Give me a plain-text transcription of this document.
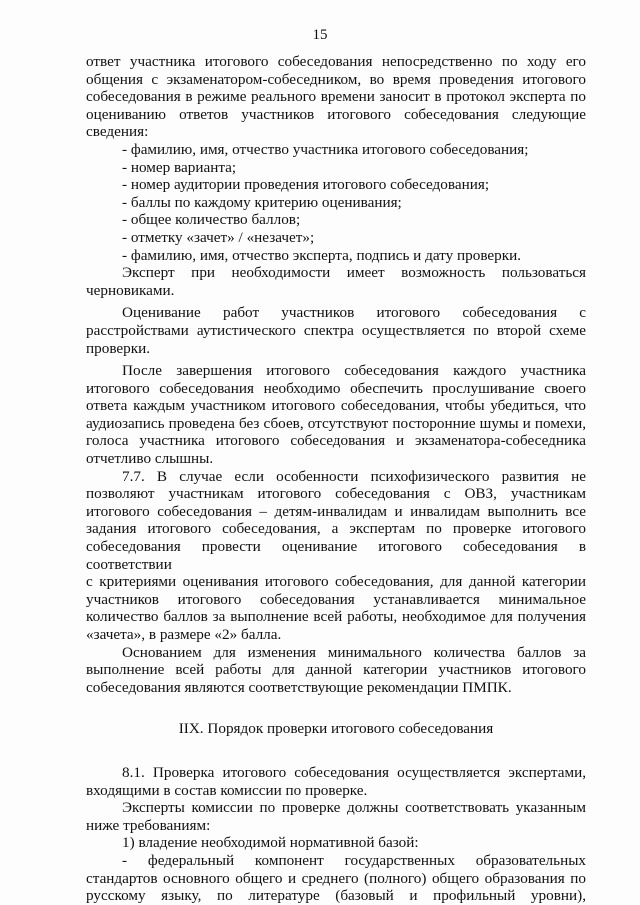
15

ответ участника итогового собеседования непосредственно по ходу его

общения с экзаменатором-собеседником, во время проведения итогового

собеседования в режиме реального времени заносит в протокол эксперта по

оцениванию ответов участников итогового собеседования следующие

сведения:

- фамилию, имя, отчество участника итогового собеседования;

- номер варианта;

- номер аудитории проведения итогового собеседования;

- баллы по каждому критерию оценивания;

- общее количество баллов;

- отметку «зачет» / «незачет»;

- фамилию, имя, отчество эксперта, подпись и дату проверки.

Эксперт при необходимости имеет возможность пользоваться

черновиками.

Оценивание работ участников итогового собеседования с

расстройствами аутистического спектра осуществляется по второй схеме

проверки.

После завершения итогового собеседования каждого участника

итогового собеседования необходимо обеспечить прослушивание своего

ответа каждым участником итогового собеседования, чтобы убедиться, что

аудиозапись проведена без сбоев, отсутствуют посторонние шумы и помехи,

голоса участника итогового собеседования и экзаменатора-собеседника

отчетливо слышны.

7.7. В случае если особенности психофизического развития не

позволяют участникам итогового собеседования с ОВЗ, участникам

итогового собеседования – детям-инвалидам и инвалидам выполнить все

задания итогового собеседования, а экспертам по проверке итогового

собеседования провести оценивание итогового собеседования в соответствии

с критериями оценивания итогового собеседования, для данной категории

участников итогового собеседования устанавливается минимальное

количество баллов за выполнение всей работы, необходимое для получения

«зачета», в размере «2» балла.

Основанием для изменения минимального количества баллов за

выполнение всей работы для данной категории участников итогового

собеседования являются соответствующие рекомендации ПМПК.

IIX. Порядок проверки итогового собеседования

8.1. Проверка итогового собеседования осуществляется экспертами,

входящими в состав комиссии по проверке.

Эксперты комиссии по проверке должны соответствовать указанным

ниже требованиям:

1) владение необходимой нормативной базой:

- федеральный компонент государственных образовательных

стандартов основного общего и среднего (полного) общего образования по

русскому языку, по литературе (базовый и профильный уровни),
